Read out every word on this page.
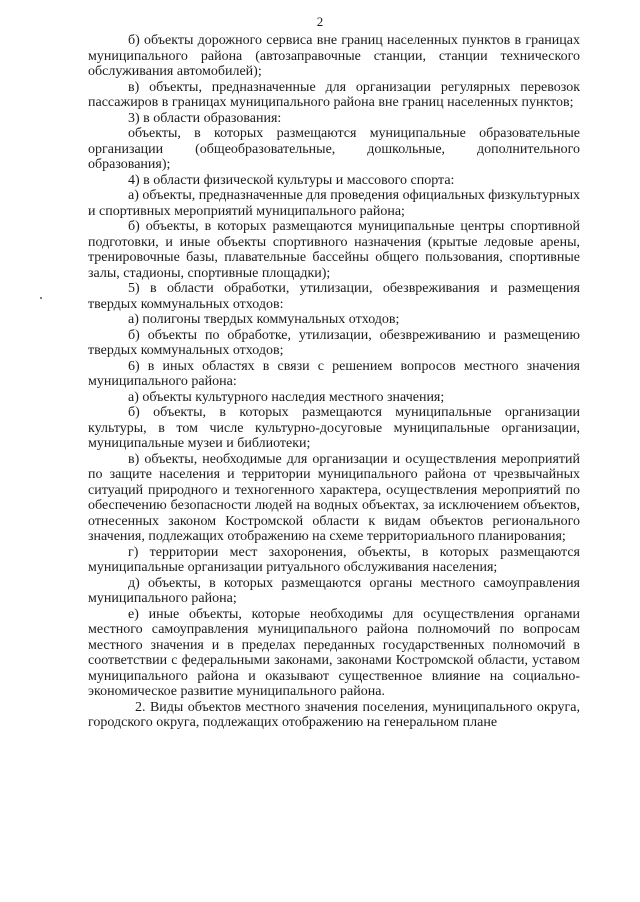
2

б) объекты дорожного сервиса вне границ населенных пунктов в границах муниципального района (автозаправочные станции, станции технического обслуживания автомобилей);

в) объекты, предназначенные для организации регулярных перевозок пассажиров в границах муниципального района вне границ населенных пунктов;

3) в области образования:

объекты, в которых размещаются муниципальные образовательные организации (общеобразовательные, дошкольные, дополнительного образования);

4) в области физической культуры и массового спорта:

а) объекты, предназначенные для проведения официальных физкультурных и спортивных мероприятий муниципального района;

б) объекты, в которых размещаются муниципальные центры спортивной подготовки, и иные объекты спортивного назначения (крытые ледовые арены, тренировочные базы, плавательные бассейны общего пользования, спортивные залы, стадионы, спортивные площадки);

5) в области обработки, утилизации, обезвреживания и размещения твердых коммунальных отходов:

а) полигоны твердых коммунальных отходов;

б) объекты по обработке, утилизации, обезвреживанию и размещению твердых коммунальных отходов;

6) в иных областях в связи с решением вопросов местного значения муниципального района:

а) объекты культурного наследия местного значения;

б) объекты, в которых размещаются муниципальные организации культуры, в том числе культурно-досуговые муниципальные организации, муниципальные музеи и библиотеки;

в) объекты, необходимые для организации и осуществления мероприятий по защите населения и территории муниципального района от чрезвычайных ситуаций природного и техногенного характера, осуществления мероприятий по обеспечению безопасности людей на водных объектах, за исключением объектов, отнесенных законом Костромской области к видам объектов регионального значения, подлежащих отображению на схеме территориального планирования;

г) территории мест захоронения, объекты, в которых размещаются муниципальные организации ритуального обслуживания населения;

д) объекты, в которых размещаются органы местного самоуправления муниципального района;

е) иные объекты, которые необходимы для осуществления органами местного самоуправления муниципального района полномочий по вопросам местного значения и в пределах переданных государственных полномочий в соответствии с федеральными законами, законами Костромской области, уставом муниципального района и оказывают существенное влияние на социально-экономическое развитие муниципального района.

2. Виды объектов местного значения поселения, муниципального округа, городского округа, подлежащих отображению на генеральном плане
